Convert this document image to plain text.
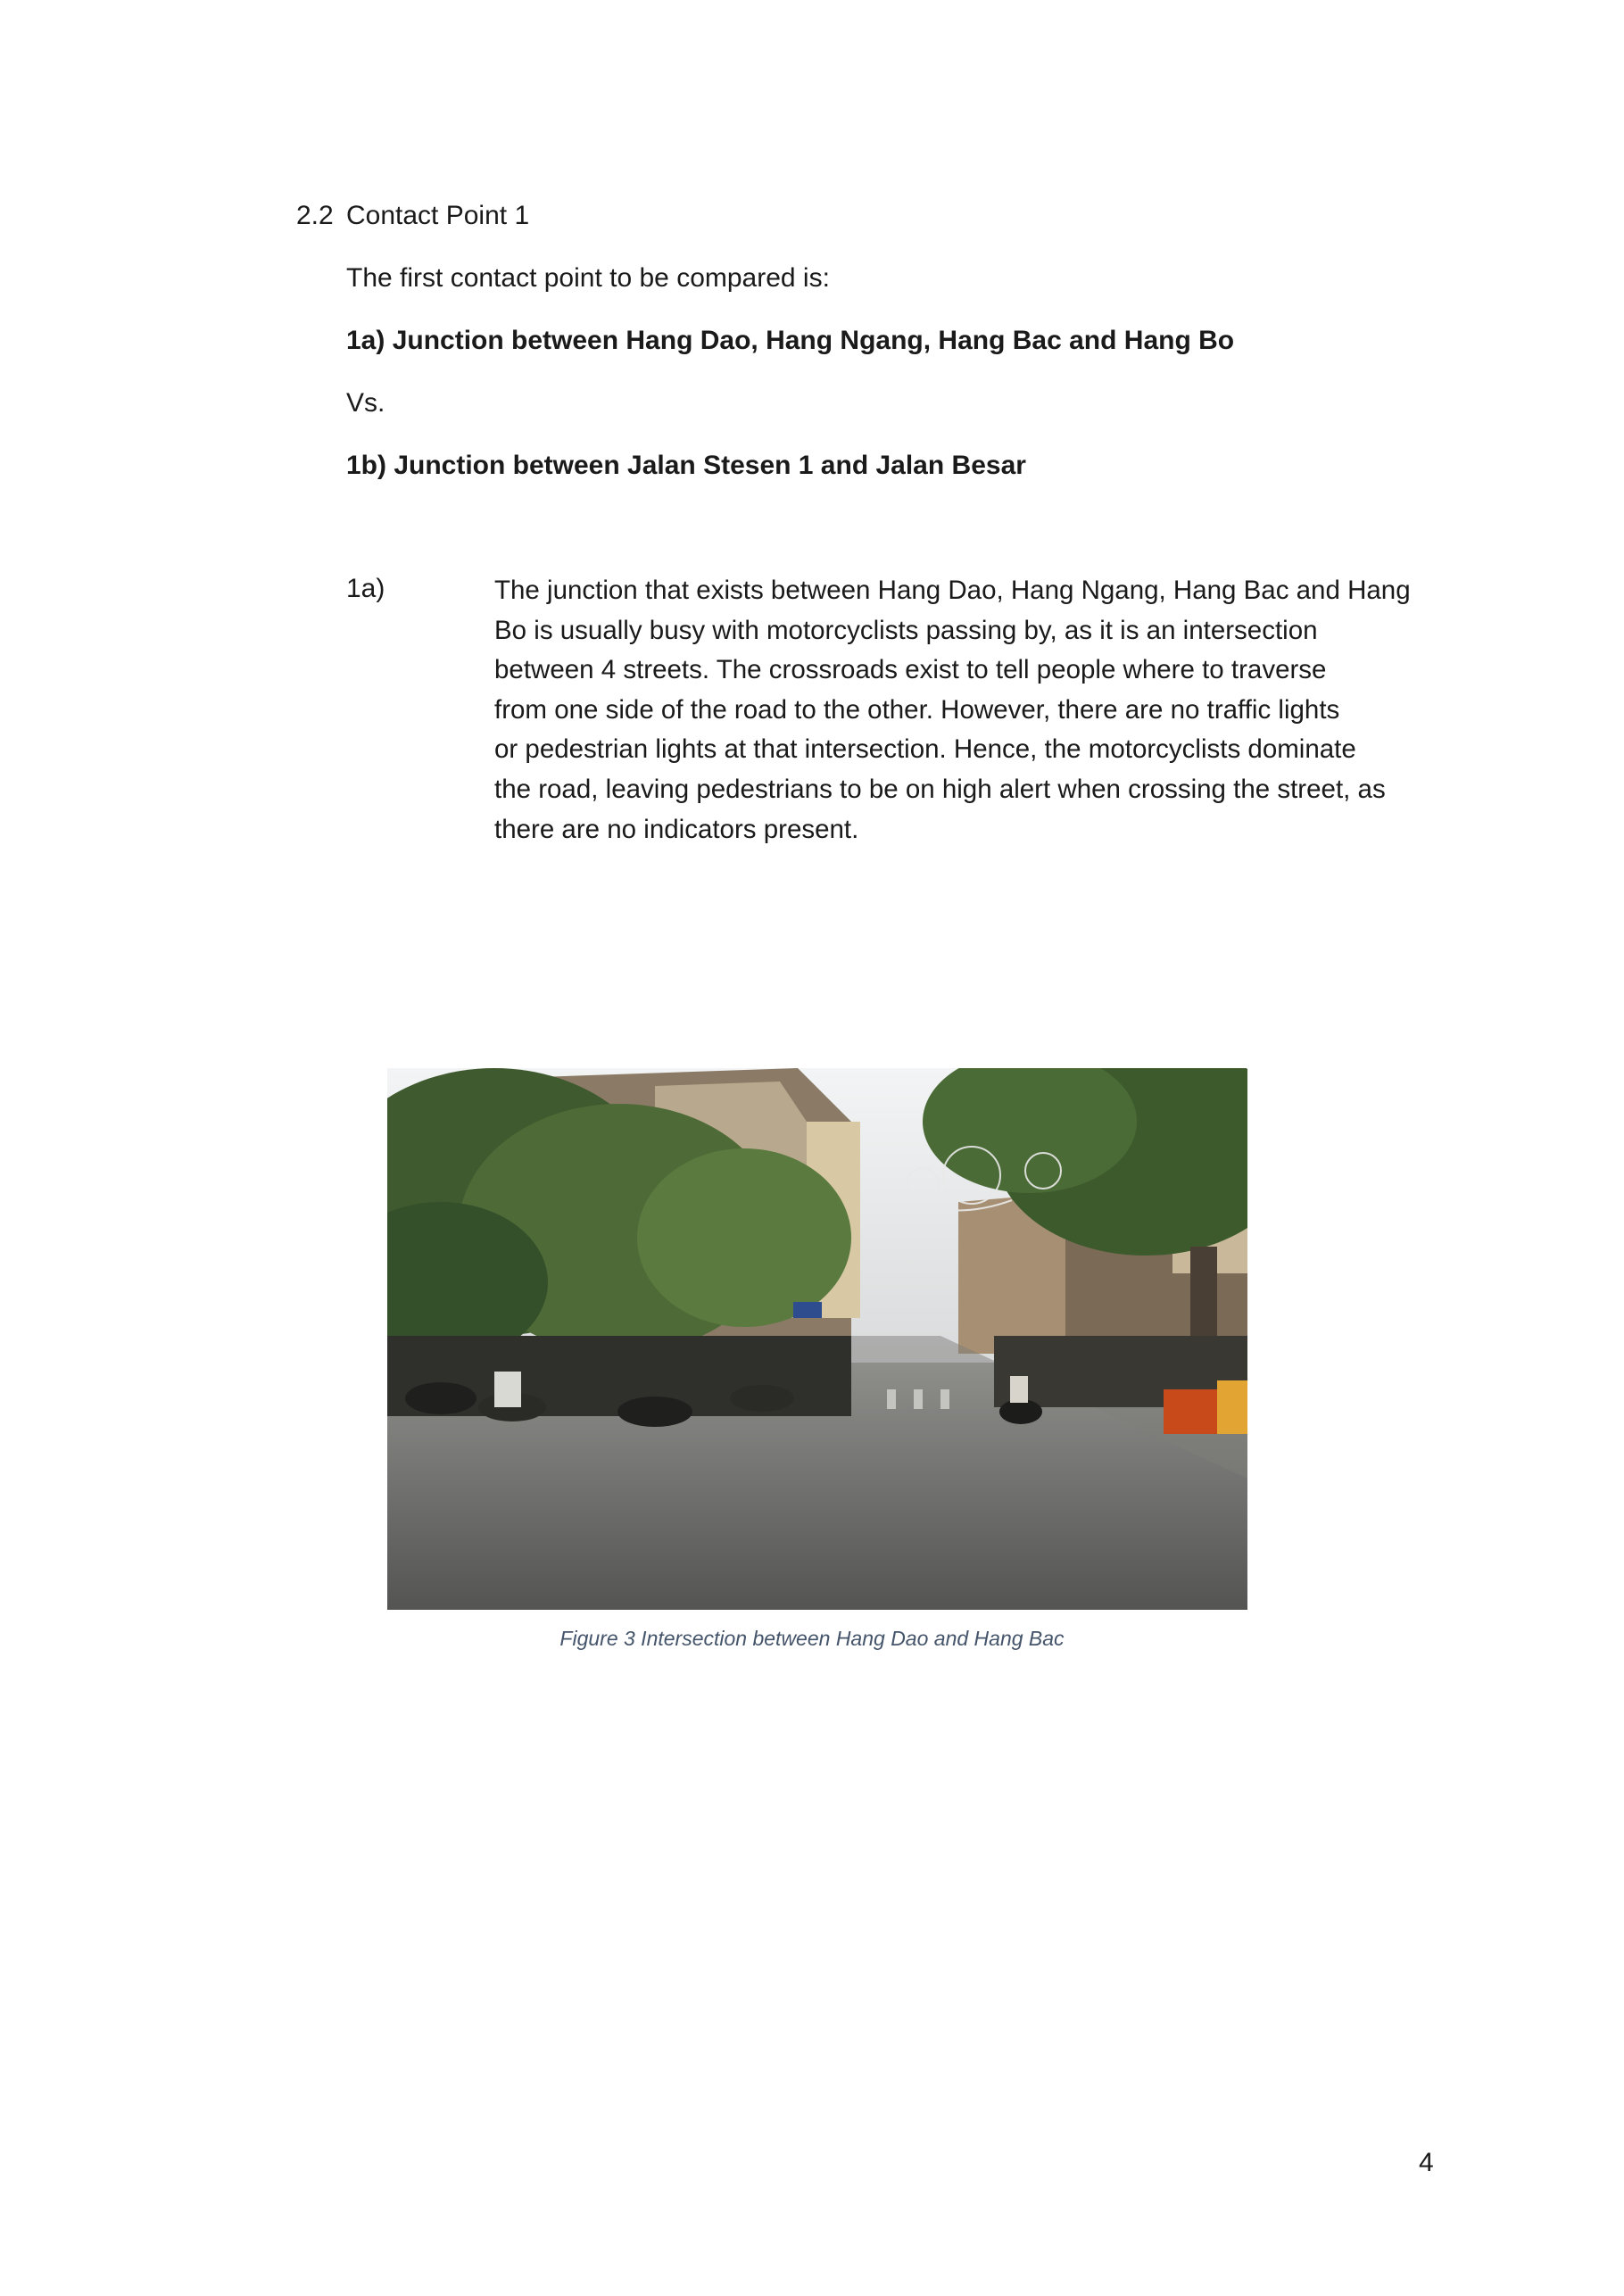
2.2 Contact Point 1
The first contact point to be compared is:
1a) Junction between Hang Dao, Hang Ngang, Hang Bac and Hang Bo
Vs.
1b) Junction between Jalan Stesen 1 and Jalan Besar
1a)	The junction that exists between Hang Dao, Hang Ngang, Hang Bac and Hang
Bo is usually busy with motorcyclists passing by, as it is an intersection
between 4 streets. The crossroads exist to tell people where to traverse
from one side of the road to the other. However, there are no traffic lights
or pedestrian lights at that intersection. Hence, the motorcyclists dominate
the road, leaving pedestrians to be on high alert when crossing the street, as
there are no indicators present.
Figure 3 Intersection between Hang Dao and Hang Bac
4
